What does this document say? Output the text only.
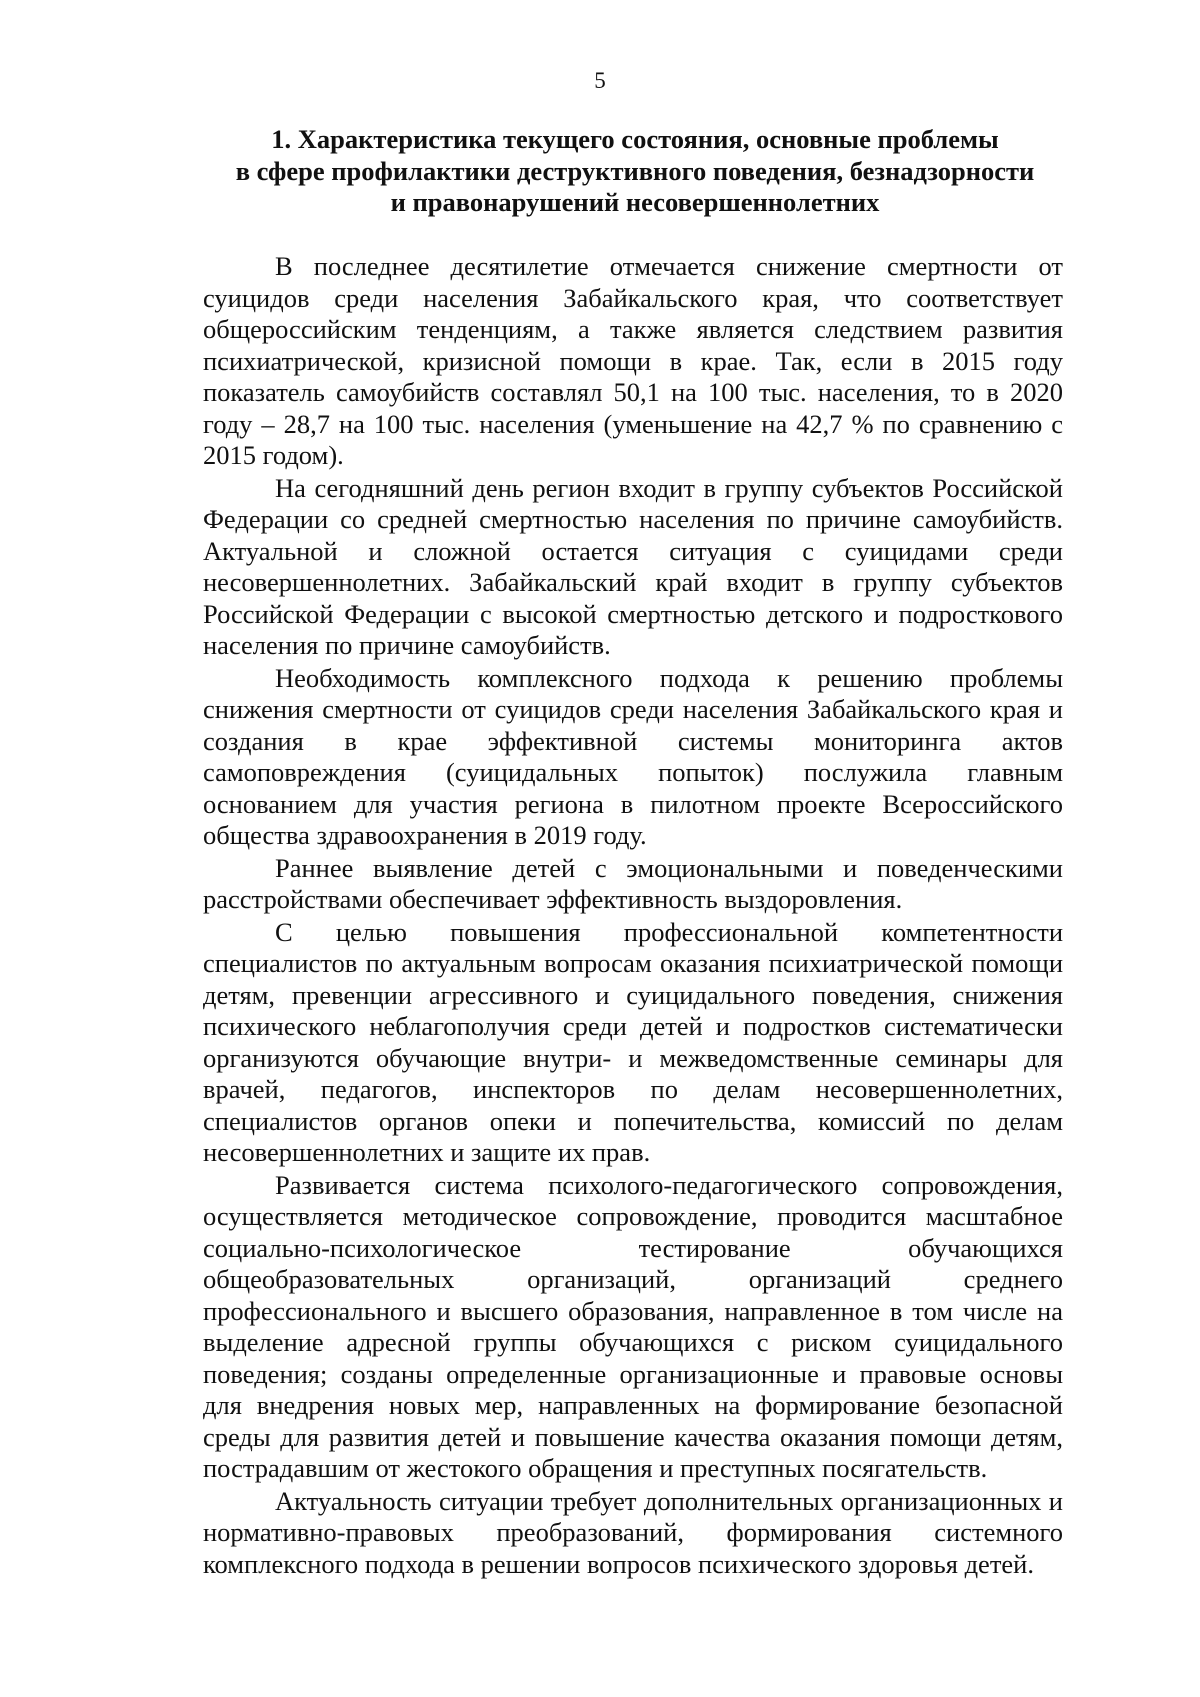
5
1. Характеристика текущего состояния, основные проблемы
в сфере профилактики деструктивного поведения, безнадзорности
и правонарушений несовершеннолетних

В последнее десятилетие отмечается снижение смертности от суицидов среди населения Забайкальского края, что соответствует общероссийским тенденциям, а также является следствием развития психиатрической, кризисной помощи в крае. Так, если в 2015 году показатель самоубийств составлял 50,1 на 100 тыс. населения, то в 2020 году – 28,7 на 100 тыс. населения (уменьшение на 42,7 % по сравнению с 2015 годом).

На сегодняшний день регион входит в группу субъектов Российской Федерации со средней смертностью населения по причине самоубийств. Актуальной и сложной остается ситуация с суицидами среди несовершеннолетних. Забайкальский край входит в группу субъектов Российской Федерации с высокой смертностью детского и подросткового населения по причине самоубийств.

Необходимость комплексного подхода к решению проблемы снижения смертности от суицидов среди населения Забайкальского края и создания в крае эффективной системы мониторинга актов самоповреждения (суицидальных попыток) послужила главным основанием для участия региона в пилотном проекте Всероссийского общества здравоохранения в 2019 году.

Раннее выявление детей с эмоциональными и поведенческими расстройствами обеспечивает эффективность выздоровления.

С целью повышения профессиональной компетентности специалистов по актуальным вопросам оказания психиатрической помощи детям, превенции агрессивного и суицидального поведения, снижения психического неблагополучия среди детей и подростков систематически организуются обучающие внутри- и межведомственные семинары для врачей, педагогов, инспекторов по делам несовершеннолетних, специалистов органов опеки и попечительства, комиссий по делам несовершеннолетних и защите их прав.

Развивается система психолого-педагогического сопровождения, осуществляется методическое сопровождение, проводится масштабное социально-психологическое тестирование обучающихся общеобразовательных организаций, организаций среднего профессионального и высшего образования, направленное в том числе на выделение адресной группы обучающихся с риском суицидального поведения; созданы определенные организационные и правовые основы для внедрения новых мер, направленных на формирование безопасной среды для развития детей и повышение качества оказания помощи детям, пострадавшим от жестокого обращения и преступных посягательств.

Актуальность ситуации требует дополнительных организационных и нормативно-правовых преобразований, формирования системного комплексного подхода в решении вопросов психического здоровья детей.
